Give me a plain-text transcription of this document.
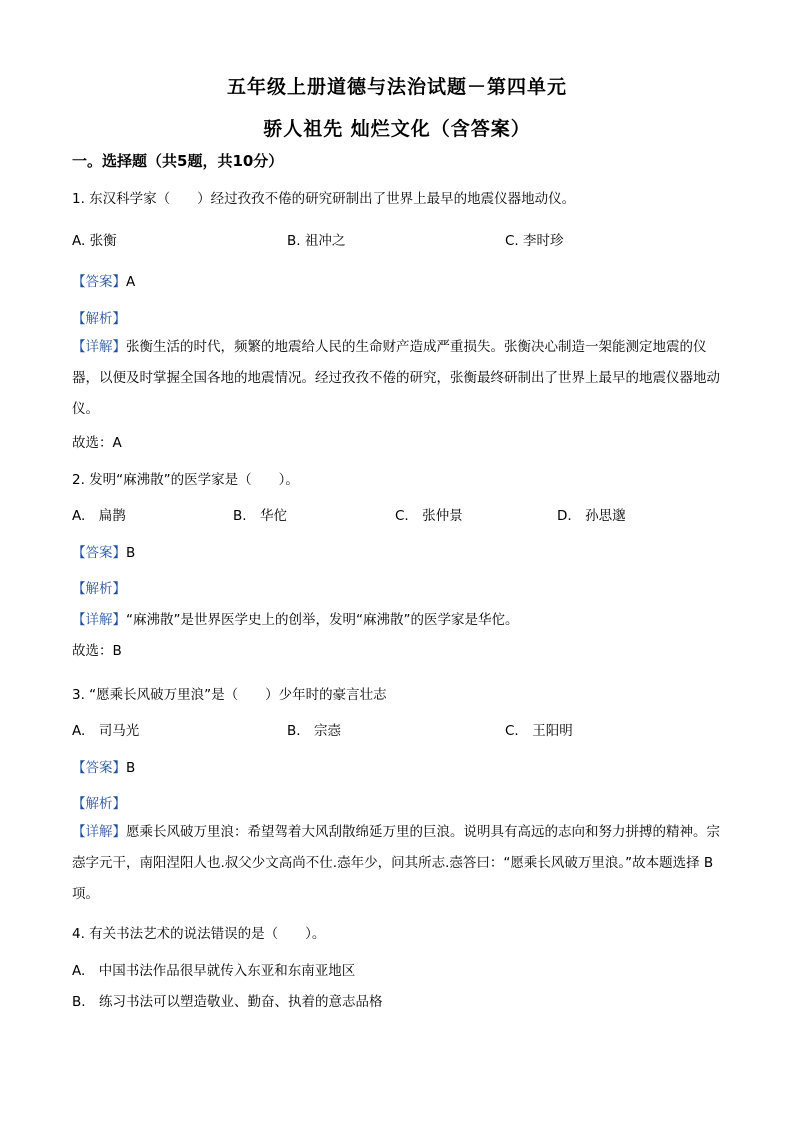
五年级上册道德与法治试题－第四单元
骄人祖先 灿烂文化（含答案）
一。选择题（共5题，共10分）
1. 东汉科学家（　　）经过孜孜不倦的研究研制出了世界上最早的地震仪器地动仪。
A. 张衡	B. 祖冲之	C. 李时珍
【答案】A
【解析】
【详解】张衡生活的时代，频繁的地震给人民的生命财产造成严重损失。张衡决心制造一架能测定地震的仪器，以便及时掌握全国各地的地震情况。经过孜孜不倦的研究，张衡最终研制出了世界上最早的地震仪器地动仪。
故选：A
2. 发明“麻沸散”的医学家是（　　）。
A.　扁鹊	B.　华佗	C.　张仲景	D.　孙思邈
【答案】B
【解析】
【详解】“麻沸散”是世界医学史上的创举，发明“麻沸散”的医学家是华佗。
故选：B
3. “愿乘长风破万里浪”是（　　）少年时的豪言壮志
A.　司马光	B.　宗悫	C.　王阳明
【答案】B
【解析】
【详解】愿乘长风破万里浪：希望驾着大风刮散绵延万里的巨浪。说明具有高远的志向和努力拼搏的精神。宗悫字元干，南阳涅阳人也.叔父少文高尚不仕.悫年少，问其所志.悫答曰：“愿乘长风破万里浪。”故本题选择 B 项。
4. 有关书法艺术的说法错误的是（　　）。
A.　中国书法作品很早就传入东亚和东南亚地区
B.　练习书法可以塑造敬业、勤奋、执着的意志品格
